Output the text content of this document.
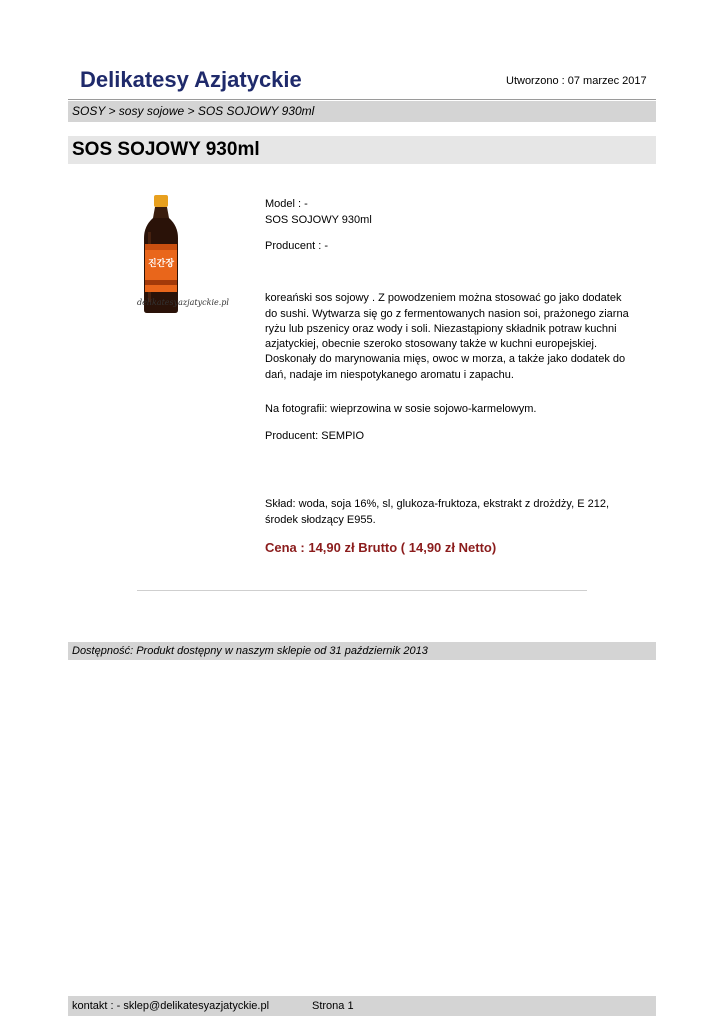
Delikatesy Azjatyckie	Utworzono : 07 marzec 2017
SOSY > sosy sojowe > SOS SOJOWY 930ml
SOS SOJOWY 930ml
진간장
delikatesyazjatyckie.pl
Model : -
SOS SOJOWY 930ml
Producent : -
koreański sos sojowy . Z powodzeniem można stosować go jako dodatek do sushi. Wytwarza się go z fermentowanych nasion soi, prażonego ziarna ryżu lub pszenicy oraz wody i soli. Niezastąpiony składnik potraw kuchni azjatyckiej, obecnie szeroko stosowany także w kuchni europejskiej. Doskonały do marynowania mięs, owoc w morza, a także jako dodatek do dań, nadaje im niespotykanego aromatu i zapachu.
Na fotografii: wieprzowina w sosie sojowo-karmelowym.
Producent: SEMPIO
Skład: woda, soja 16%, sl, glukoza-fruktoza, ekstrakt z drożdży, E 212, środek słodzący E955.
Cena : 14,90 zł Brutto ( 14,90 zł Netto)
Dostępność: Produkt dostępny w naszym sklepie od 31 październik 2013
kontakt : - sklep@delikatesyazjatyckie.pl	Strona 1
